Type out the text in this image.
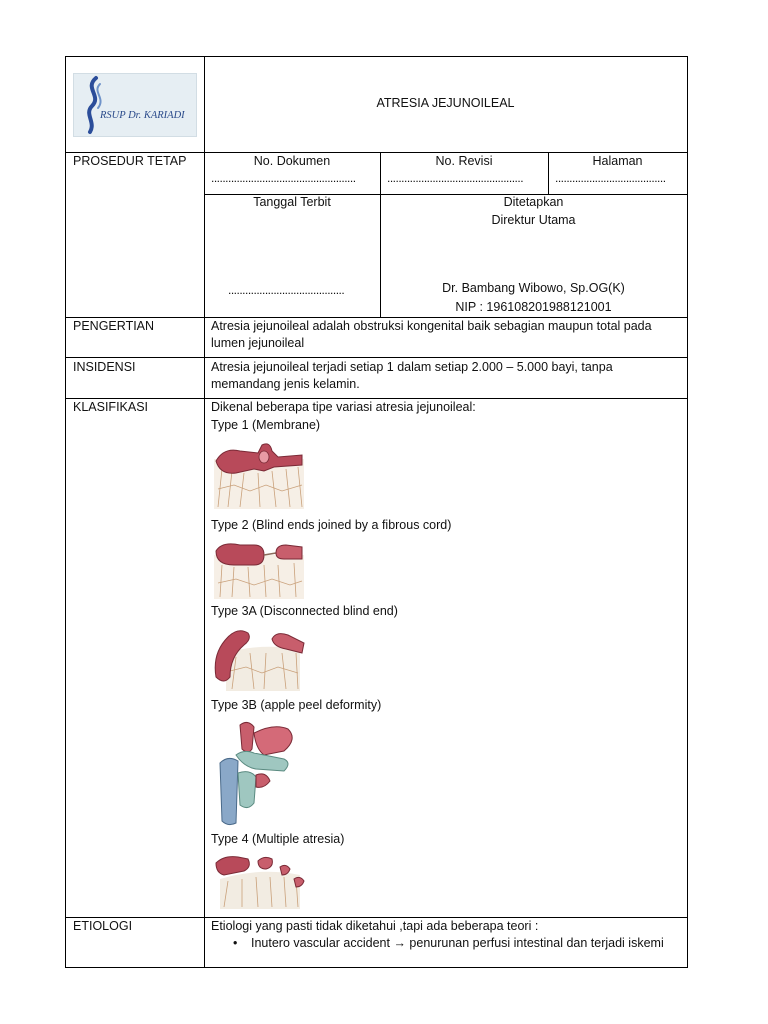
RSUP Dr. KARIADI
ATRESIA JEJUNOILEAL
PROSEDUR TETAP	No. Dokumen	No. Revisi	Halaman
...................................................	................................................	.......................................
Tanggal Terbit
.........................................
Ditetapkan
Direktur Utama
Dr. Bambang Wibowo, Sp.OG(K)
NIP : 196108201988121001
PENGERTIAN	Atresia jejunoileal adalah obstruksi kongenital baik sebagian maupun total pada
lumen jejunoileal
INSIDENSI	Atresia jejunoileal terjadi setiap 1 dalam setiap 2.000 – 5.000 bayi, tanpa
memandang jenis kelamin.
KLASIFIKASI	Dikenal beberapa tipe variasi atresia jejunoileal:
Type 1 (Membrane)
Type 2 (Blind ends joined by a fibrous cord)
Type 3A (Disconnected blind end)
Type 3B (apple peel deformity)
Type 4 (Multiple atresia)
ETIOLOGI	Etiologi yang pasti tidak diketahui ,tapi ada beberapa teori :
• Inutero vascular accident → penurunan perfusi intestinal dan terjadi iskemi
